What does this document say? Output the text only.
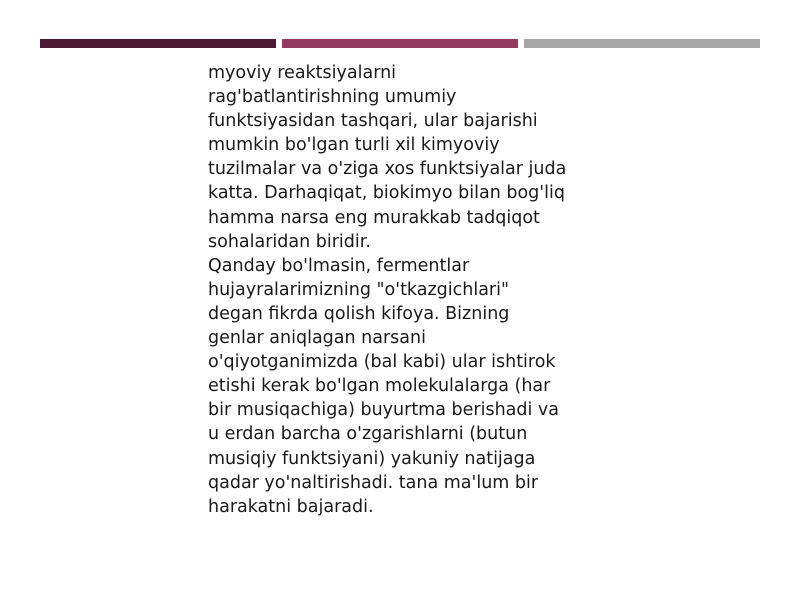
myoviy reaktsiyalarni
rag'batlantirishning umumiy
funktsiyasidan tashqari, ular bajarishi
mumkin bo'lgan turli xil kimyoviy
tuzilmalar va o'ziga xos funktsiyalar juda
katta. Darhaqiqat, biokimyo bilan bog'liq
hamma narsa eng murakkab tadqiqot
sohalaridan biridir.
Qanday bo'lmasin, fermentlar
hujayralarimizning "o'tkazgichlari"
degan fikrda qolish kifoya. Bizning
genlar aniqlagan narsani
o'qiyotganimizda (bal kabi) ular ishtirok
etishi kerak bo'lgan molekulalarga (har
bir musiqachiga) buyurtma berishadi va
u erdan barcha o'zgarishlarni (butun
musiqiy funktsiyani) yakuniy natijaga
qadar yo'naltirishadi. tana ma'lum bir
harakatni bajaradi.
